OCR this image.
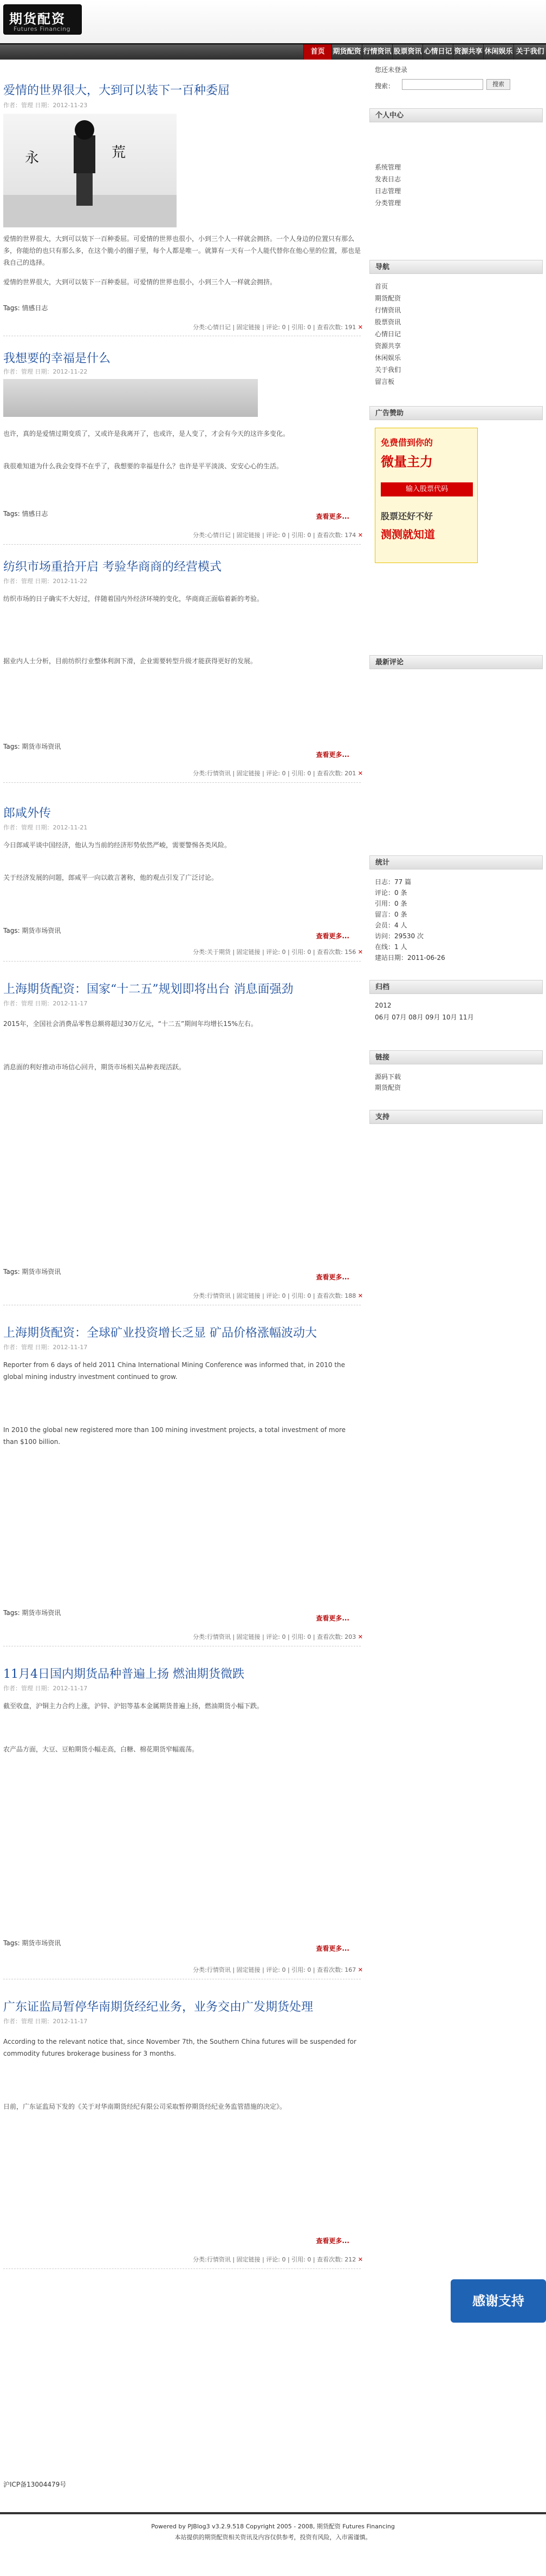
期货配资
Futures Financing
首页	期货配资 行情资讯 股票资讯 心情日记 资源共享 休闲娱乐 关于我们
爱情的世界很大，大到可以装下一百种委屈
作者：管理 日期：2012-11-23
永	荒
爱情的世界很大，大到可以装下一百种委屈。可爱情的世界也很小，小到三个人一样就会拥挤。一个人身边的位置只有那么多，你能给的也只有那么多，在这个脆小的圈子里，每个人都是唯一。就算有一天有一个人能代替你在他心里的位置，那也是我自己的选择。
爱情的世界很大，大到可以装下一百种委屈。可爱情的世界也很小，小到三个人一样就会拥挤。
Tags: 情感日志
分类:心情日记 | 固定链接 | 评论: 0 | 引用: 0 | 查看次数: 191 ✕
我想要的幸福是什么
作者：管理 日期：2012-11-22
也许，真的是爱情过期变质了，又或许是我离开了，也或许，是人变了，才会有今天的这许多变化。
我很难知道为什么我会变得不在乎了，我想要的幸福是什么？也许是平平淡淡、安安心心的生活。
Tags: 情感日志	查看更多...
分类:心情日记 | 固定链接 | 评论: 0 | 引用: 0 | 查看次数: 174 ✕
纺织市场重拾开启 考验华商商的经营模式
作者：管理 日期：2012-11-22
纺织市场的日子确实不大好过，伴随着国内外经济环境的变化，华商商正面临着新的考验。
据业内人士分析，目前纺织行业整体利润下滑，企业需要转型升级才能获得更好的发展。
Tags: 期货市场资讯
查看更多...
分类:行情资讯 | 固定链接 | 评论: 0 | 引用: 0 | 查看次数: 201 ✕
郎咸外传
作者：管理 日期：2012-11-21
今日郎咸平谈中国经济，他认为当前的经济形势依然严峻，需要警惕各类风险。
关于经济发展的问题，郎咸平一向以敢言著称，他的观点引发了广泛讨论。
Tags: 期货市场资讯
查看更多...
分类:关于期货 | 固定链接 | 评论: 0 | 引用: 0 | 查看次数: 156 ✕
上海期货配资：国家“十二五”规划即将出台 消息面强劲
作者：管理 日期：2012-11-17
2015年，全国社会消费品零售总额将超过30万亿元，“十二五”期间年均增长15%左右。
消息面的利好推动市场信心回升，期货市场相关品种表现活跃。
Tags: 期货市场资讯
查看更多...
分类:行情资讯 | 固定链接 | 评论: 0 | 引用: 0 | 查看次数: 188 ✕
上海期货配资：全球矿业投资增长乏显 矿品价格涨幅波动大
作者：管理 日期：2012-11-17
Reporter from 6 days of held 2011 China International Mining Conference was informed that, in 2010 the global mining industry investment continued to grow.
In 2010 the global new registered more than 100 mining investment projects, a total investment of more than $100 billion.
Tags: 期货市场资讯
查看更多...
分类:行情资讯 | 固定链接 | 评论: 0 | 引用: 0 | 查看次数: 203 ✕
11月4日国内期货品种普遍上扬 燃油期货微跌
作者：管理 日期：2012-11-17
截至收盘，沪铜主力合约上涨，沪锌、沪铝等基本金属期货普遍上扬，燃油期货小幅下跌。
农产品方面，大豆、豆粕期货小幅走高，白糖、棉花期货窄幅震荡。
Tags: 期货市场资讯
查看更多...
分类:行情资讯 | 固定链接 | 评论: 0 | 引用: 0 | 查看次数: 167 ✕
广东证监局暂停华南期货经纪业务，业务交由广发期货处理
作者：管理 日期：2012-11-17
According to the relevant notice that, since November 7th, the Southern China futures will be suspended for commodity futures brokerage business for 3 months.
日前，广东证监局下发的《关于对华南期货经纪有限公司采取暂停期货经纪业务监管措施的决定》。
查看更多...
分类:行情资讯 | 固定链接 | 评论: 0 | 引用: 0 | 查看次数: 212 ✕
沪ICP备13004479号
您还未登录
搜索：	搜索
个人中心
系统管理
发表日志
日志管理
分类管理
导航
首页
期货配资
行情资讯
股票资讯
心情日记
资源共享
休闲娱乐
关于我们
留言板
广告赞助
免费借到你的
微量主力
输入股票代码
股票还好不好
测测就知道
最新评论
统计
日志：77 篇
评论：0 条
引用：0 条
留言：0 条
会员：4 人
访问：29530 次
在线：1 人
建站日期：2011-06-26
归档
2012
06月 07月 08月 09月 10月 11月
链接
源码下载
期货配资
支持
感谢支持
Powered by PJBlog3 v3.2.9.518 Copyright 2005 - 2008, 期货配资 Futures Financing
本站提供的期货配资相关资讯及内容仅供参考，投资有风险，入市需谨慎。
